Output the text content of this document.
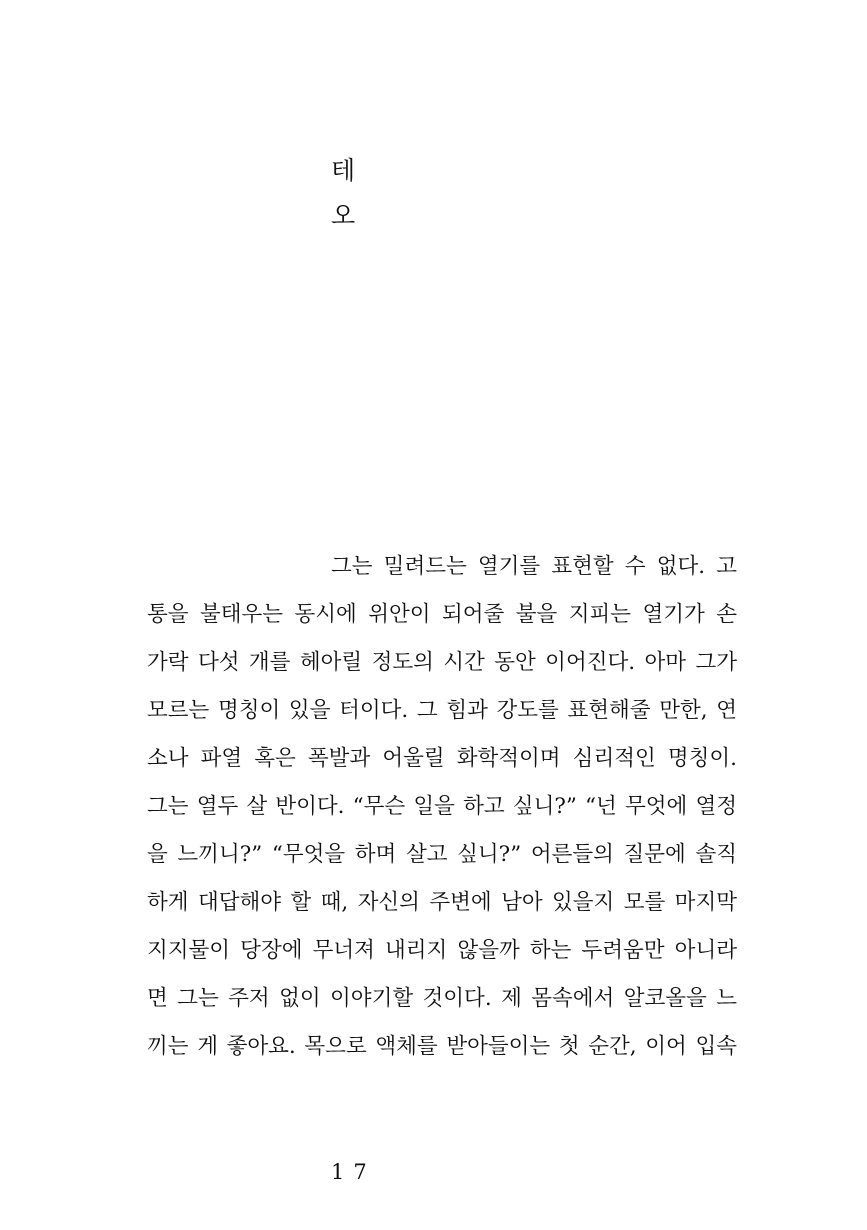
테
오
그는 밀려드는 열기를 표현할 수 없다. 고
통을 불태우는 동시에 위안이 되어줄 불을 지피는 열기가 손
가락 다섯 개를 헤아릴 정도의 시간 동안 이어진다. 아마 그가
모르는 명칭이 있을 터이다. 그 힘과 강도를 표현해줄 만한, 연
소나 파열 혹은 폭발과 어울릴 화학적이며 심리적인 명칭이.
그는 열두 살 반이다. “무슨 일을 하고 싶니?” “넌 무엇에 열정
을 느끼니?” “무엇을 하며 살고 싶니?” 어른들의 질문에 솔직
하게 대답해야 할 때, 자신의 주변에 남아 있을지 모를 마지막
지지물이 당장에 무너져 내리지 않을까 하는 두려움만 아니라
면 그는 주저 없이 이야기할 것이다. 제 몸속에서 알코올을 느
끼는 게 좋아요. 목으로 액체를 받아들이는 첫 순간, 이어 입속
17
